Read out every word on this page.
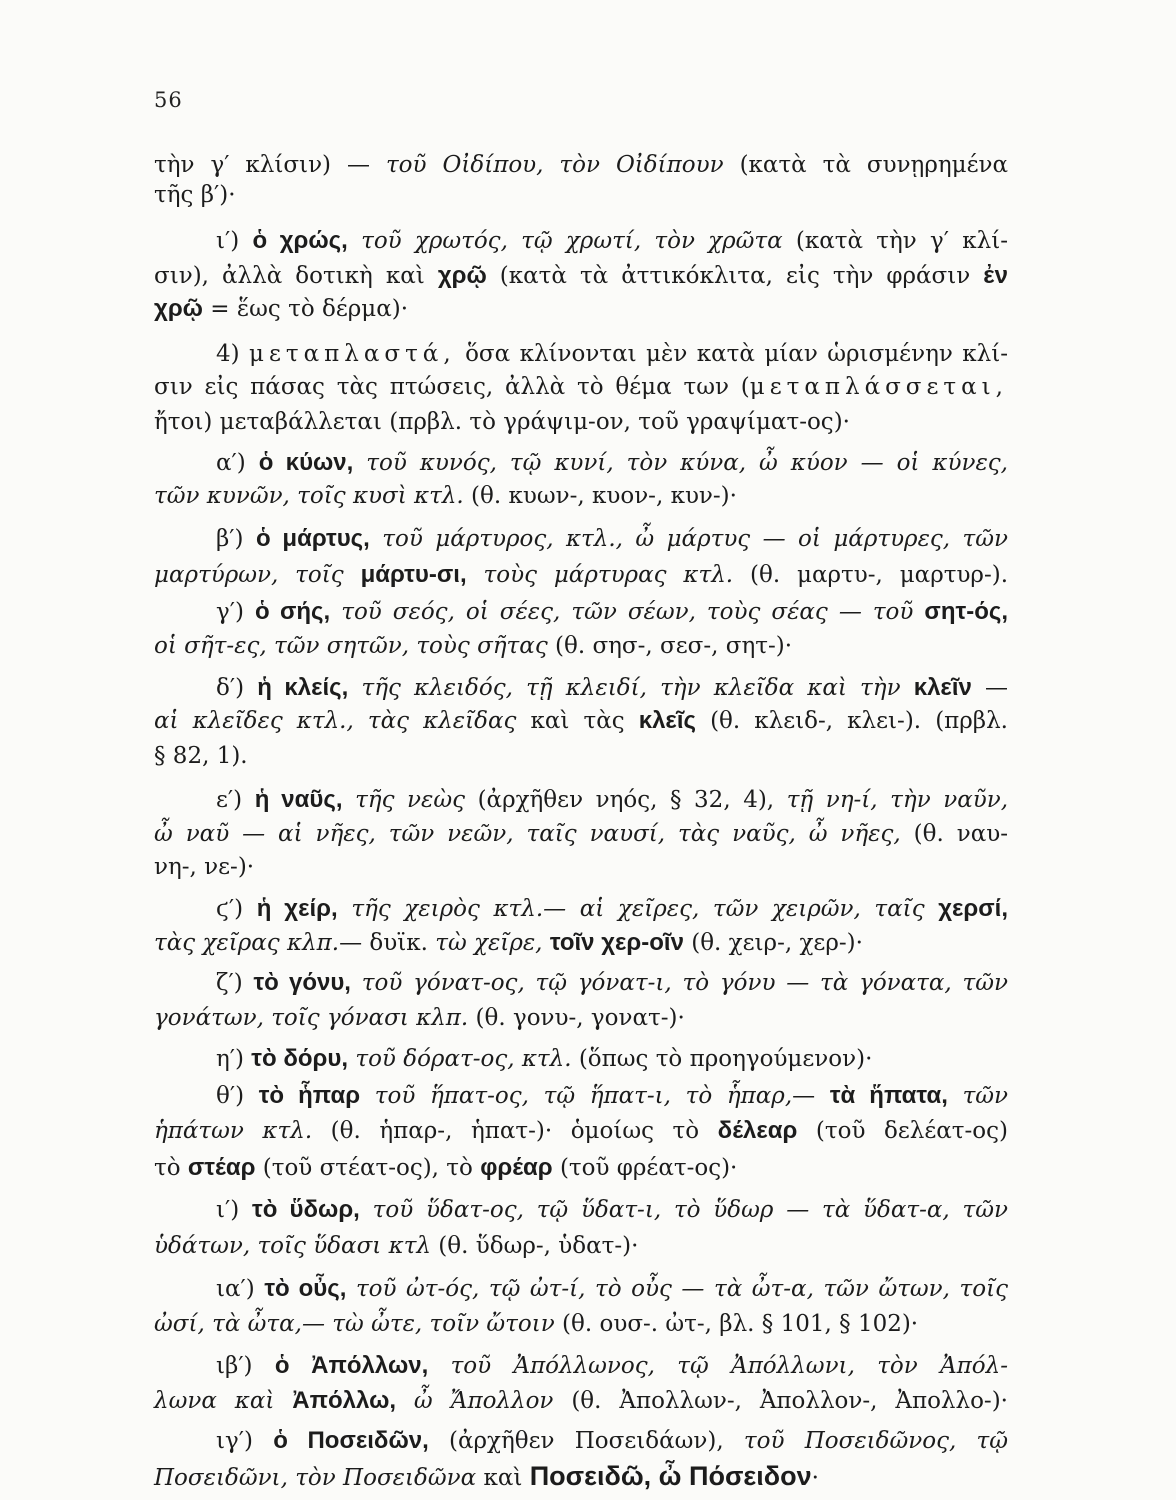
56
τὴν γ′ κλίσιν) — τοῦ Οἰδίπου, τὸν Οἰδίπουν (κατὰ τὰ συνῃρημένα
τῆς β′)·
ι′) ὁ χρώς, τοῦ χρωτός, τῷ χρωτί, τὸν χρῶτα (κατὰ τὴν γ′ κλί-
σιν), ἀλλὰ δοτικὴ καὶ χρῷ (κατὰ τὰ ἀττικόκλιτα, εἰς τὴν φράσιν ἐν
χρῷ = ἕως τὸ δέρμα)·
4) μεταπλαστά, ὅσα κλίνονται μὲν κατὰ μίαν ὡρισμένην κλί-
σιν εἰς πάσας τὰς πτώσεις, ἀλλὰ τὸ θέμα των (μεταπλάσσεται,
ἤτοι) μεταβάλλεται (πρβλ. τὸ γράψιμ-ον, τοῦ γραψίματ-ος)·
α′) ὁ κύων, τοῦ κυνός, τῷ κυνί, τὸν κύνα, ὦ κύον — οἱ κύνες,
τῶν κυνῶν, τοῖς κυσὶ κτλ. (θ. κυων-, κυον-, κυν-)·
β′) ὁ μάρτυς, τοῦ μάρτυρος, κτλ., ὦ μάρτυς — οἱ μάρτυρες, τῶν
μαρτύρων, τοῖς μάρτυ-σι, τοὺς μάρτυρας κτλ. (θ. μαρτυ-, μαρτυρ-).
γ′) ὁ σής, τοῦ σεός, οἱ σέες, τῶν σέων, τοὺς σέας — τοῦ σητ-ός,
οἱ σῆτ-ες, τῶν σητῶν, τοὺς σῆτας (θ. σησ-, σεσ-, σητ-)·
δ′) ἡ κλείς, τῆς κλειδός, τῇ κλειδί, τὴν κλεῖδα καὶ τὴν κλεῖν —
αἱ κλεῖδες κτλ., τὰς κλεῖδας καὶ τὰς κλεῖς (θ. κλειδ-, κλει-). (πρβλ.
§ 82, 1).
ε′) ἡ ναῦς, τῆς νεὼς (ἀρχῆθεν νηός, § 32, 4), τῇ νη-ί, τὴν ναῦν,
ὦ ναῦ — αἱ νῆες, τῶν νεῶν, ταῖς ναυσί, τὰς ναῦς, ὦ νῆες, (θ. ναυ-
νη-, νε-)·
ϛ′) ἡ χείρ, τῆς χειρὸς κτλ.— αἱ χεῖρες, τῶν χειρῶν, ταῖς χερσί,
τὰς χεῖρας κλπ.— δυϊκ. τὼ χεῖρε, τοῖν χερ-οῖν (θ. χειρ-, χερ-)·
ζ′) τὸ γόνυ, τοῦ γόνατ-ος, τῷ γόνατ-ι, τὸ γόνυ — τὰ γόνατα, τῶν
γονάτων, τοῖς γόνασι κλπ. (θ. γονυ-, γονατ-)·
η′) τὸ δόρυ, τοῦ δόρατ-ος, κτλ. (ὅπως τὸ προηγούμενον)·
θ′) τὸ ἧπαρ τοῦ ἥπατ-ος, τῷ ἥπατ-ι, τὸ ἧπαρ,— τὰ ἥπατα, τῶν
ἡπάτων κτλ. (θ. ἡπαρ-, ἡπατ-)· ὁμοίως τὸ δέλεαρ (τοῦ δελέατ-ος)
τὸ στέαρ (τοῦ στέατ-ος), τὸ φρέαρ (τοῦ φρέατ-ος)·
ι′) τὸ ὕδωρ, τοῦ ὕδατ-ος, τῷ ὕδατ-ι, τὸ ὕδωρ — τὰ ὕδατ-α, τῶν
ὑδάτων, τοῖς ὕδασι κτλ (θ. ὕδωρ-, ὑδατ-)·
ια′) τὸ οὖς, τοῦ ὠτ-ός, τῷ ὠτ-ί, τὸ οὖς — τὰ ὦτ-α, τῶν ὤτων, τοῖς
ὠσί, τὰ ὦτα,— τὼ ὦτε, τοῖν ὤτοιν (θ. ουσ-. ὠτ-, βλ. § 101, § 102)·
ιβ′) ὁ Ἀπόλλων, τοῦ Ἀπόλλωνος, τῷ Ἀπόλλωνι, τὸν Ἀπόλ-
λωνα καὶ Ἀπόλλω, ὦ Ἄπολλον (θ. Ἀπολλων-, Ἀπολλον-, Ἀπολλο-)·
ιγ′) ὁ Ποσειδῶν, (ἀρχῆθεν Ποσειδάων), τοῦ Ποσειδῶνος, τῷ
Ποσειδῶνι, τὸν Ποσειδῶνα καὶ Ποσειδῶ, ὦ Πόσειδον·
